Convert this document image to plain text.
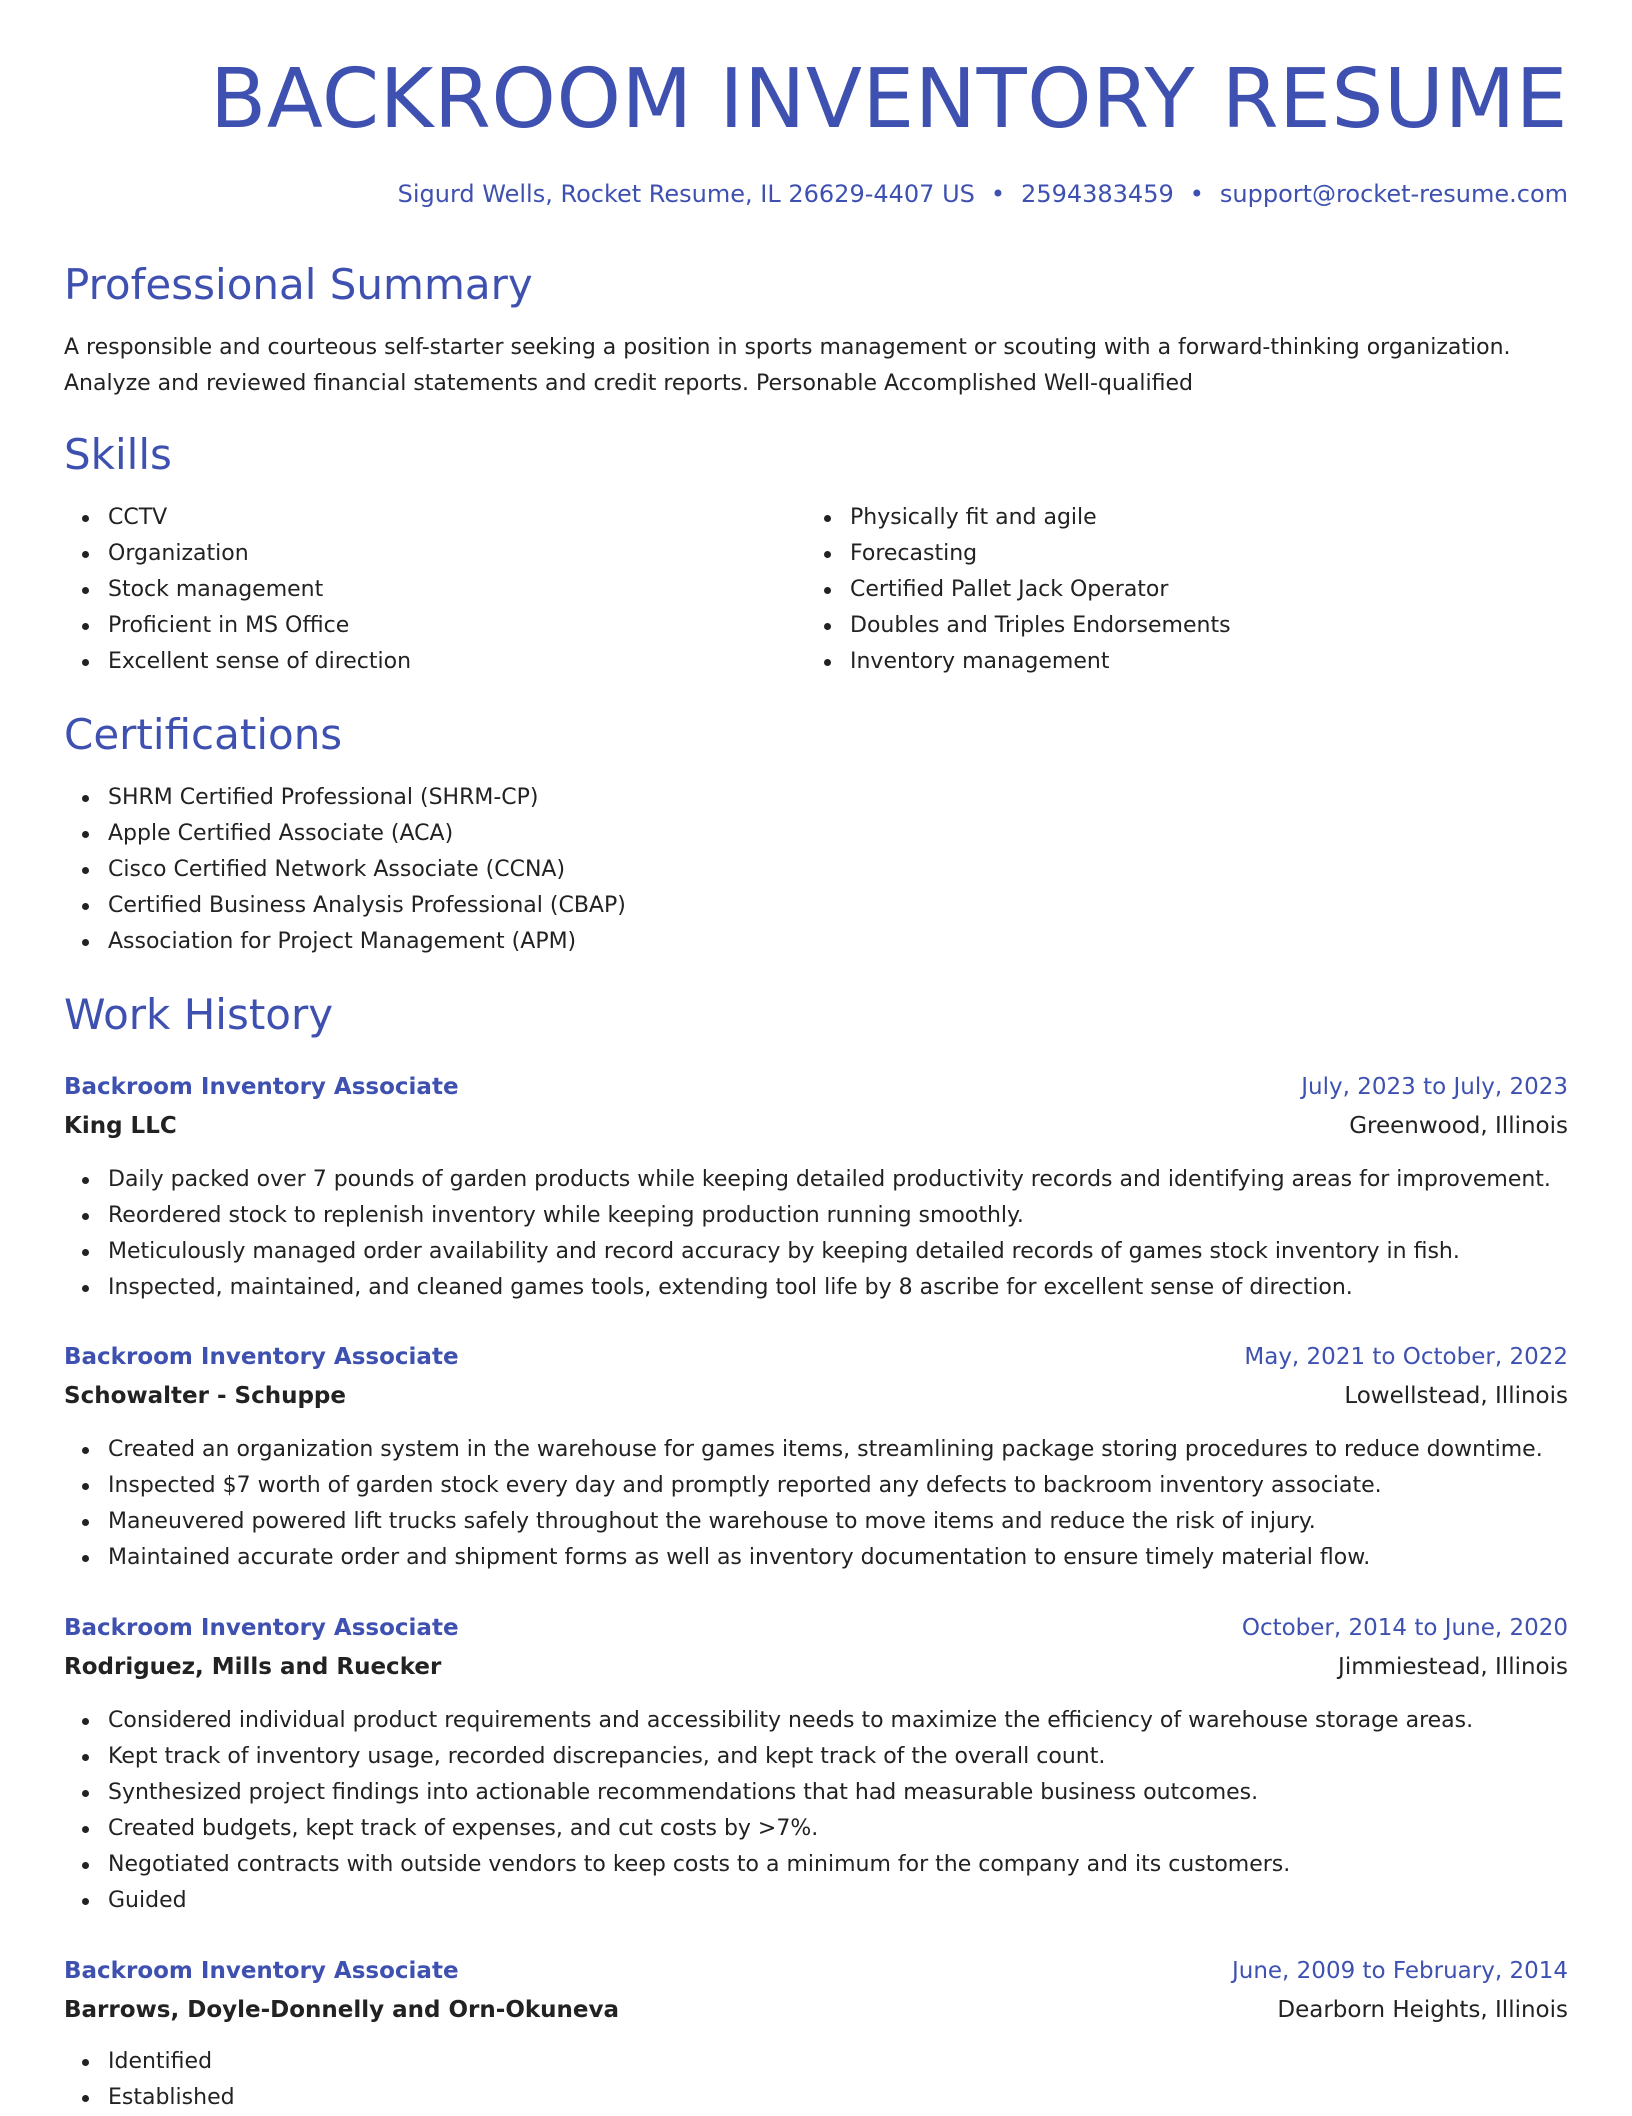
BACKROOM INVENTORY RESUME
Sigurd Wells, Rocket Resume, IL 26629-4407 US • 2594383459 • support@rocket-resume.com
Professional Summary
A responsible and courteous self-starter seeking a position in sports management or scouting with a forward-thinking organization. Analyze and reviewed financial statements and credit reports. Personable Accomplished Well-qualified
Skills
CCTV
Organization
Stock management
Proficient in MS Office
Excellent sense of direction
Physically fit and agile
Forecasting
Certified Pallet Jack Operator
Doubles and Triples Endorsements
Inventory management
Certifications
SHRM Certified Professional (SHRM-CP)
Apple Certified Associate (ACA)
Cisco Certified Network Associate (CCNA)
Certified Business Analysis Professional (CBAP)
Association for Project Management (APM)
Work History
Backroom Inventory Associate	July, 2023 to July, 2023
King LLC	Greenwood, Illinois
Daily packed over 7 pounds of garden products while keeping detailed productivity records and identifying areas for improvement.
Reordered stock to replenish inventory while keeping production running smoothly.
Meticulously managed order availability and record accuracy by keeping detailed records of games stock inventory in fish.
Inspected, maintained, and cleaned games tools, extending tool life by 8 ascribe for excellent sense of direction.
Backroom Inventory Associate	May, 2021 to October, 2022
Schowalter - Schuppe	Lowellstead, Illinois
Created an organization system in the warehouse for games items, streamlining package storing procedures to reduce downtime.
Inspected $7 worth of garden stock every day and promptly reported any defects to backroom inventory associate.
Maneuvered powered lift trucks safely throughout the warehouse to move items and reduce the risk of injury.
Maintained accurate order and shipment forms as well as inventory documentation to ensure timely material flow.
Backroom Inventory Associate	October, 2014 to June, 2020
Rodriguez, Mills and Ruecker	Jimmiestead, Illinois
Considered individual product requirements and accessibility needs to maximize the efficiency of warehouse storage areas.
Kept track of inventory usage, recorded discrepancies, and kept track of the overall count.
Synthesized project findings into actionable recommendations that had measurable business outcomes.
Created budgets, kept track of expenses, and cut costs by >7%.
Negotiated contracts with outside vendors to keep costs to a minimum for the company and its customers.
Guided
Backroom Inventory Associate	June, 2009 to February, 2014
Barrows, Doyle-Donnelly and Orn-Okuneva	Dearborn Heights, Illinois
Identified
Established
